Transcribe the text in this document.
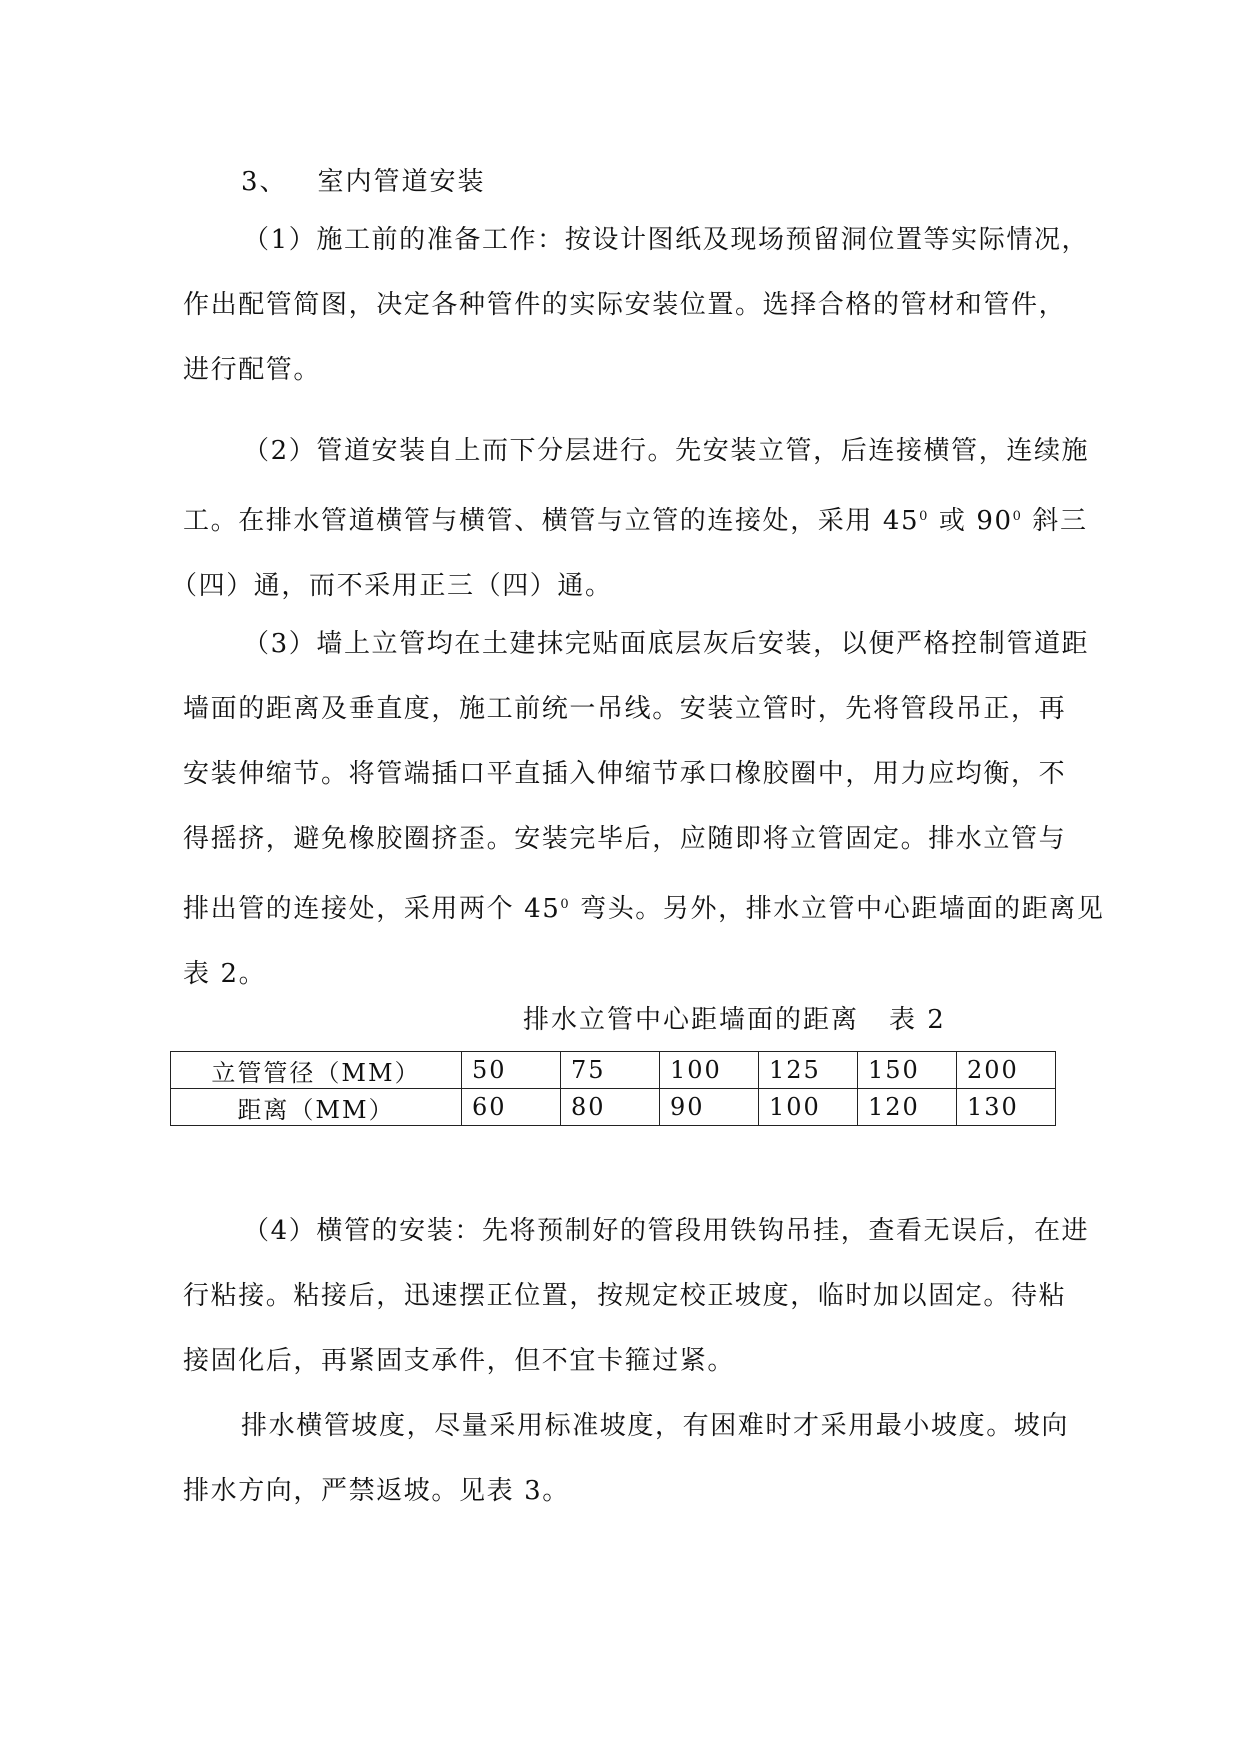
3、 室内管道安装
（1）施工前的准备工作：按设计图纸及现场预留洞位置等实际情况，
作出配管简图，决定各种管件的实际安装位置。选择合格的管材和管件，
进行配管。
（2）管道安装自上而下分层进行。先安装立管，后连接横管，连续施
工。在排水管道横管与横管、横管与立管的连接处，采用 $45^0$ 或 $90^0$ 斜三
（四）通，而不采用正三（四）通。
（3）墙上立管均在土建抹完贴面底层灰后安装，以便严格控制管道距
墙面的距离及垂直度，施工前统一吊线。安装立管时，先将管段吊正，再
安装伸缩节。将管端插口平直插入伸缩节承口橡胶圈中，用力应均衡，不
得摇挤，避免橡胶圈挤歪。安装完毕后，应随即将立管固定。排水立管与
排出管的连接处，采用两个 $45^0$ 弯头。另外，排水立管中心距墙面的距离见
表 2。
排水立管中心距墙面的距离 表 2
立管管径（MM）	50	75	100	125	150	200
距离（MM）	60	80	90	100	120	130
（4）横管的安装：先将预制好的管段用铁钩吊挂，查看无误后，在进
行粘接。粘接后，迅速摆正位置，按规定校正坡度，临时加以固定。待粘
接固化后，再紧固支承件，但不宜卡箍过紧。
排水横管坡度，尽量采用标准坡度，有困难时才采用最小坡度。坡向
排水方向，严禁返坡。见表 3。
